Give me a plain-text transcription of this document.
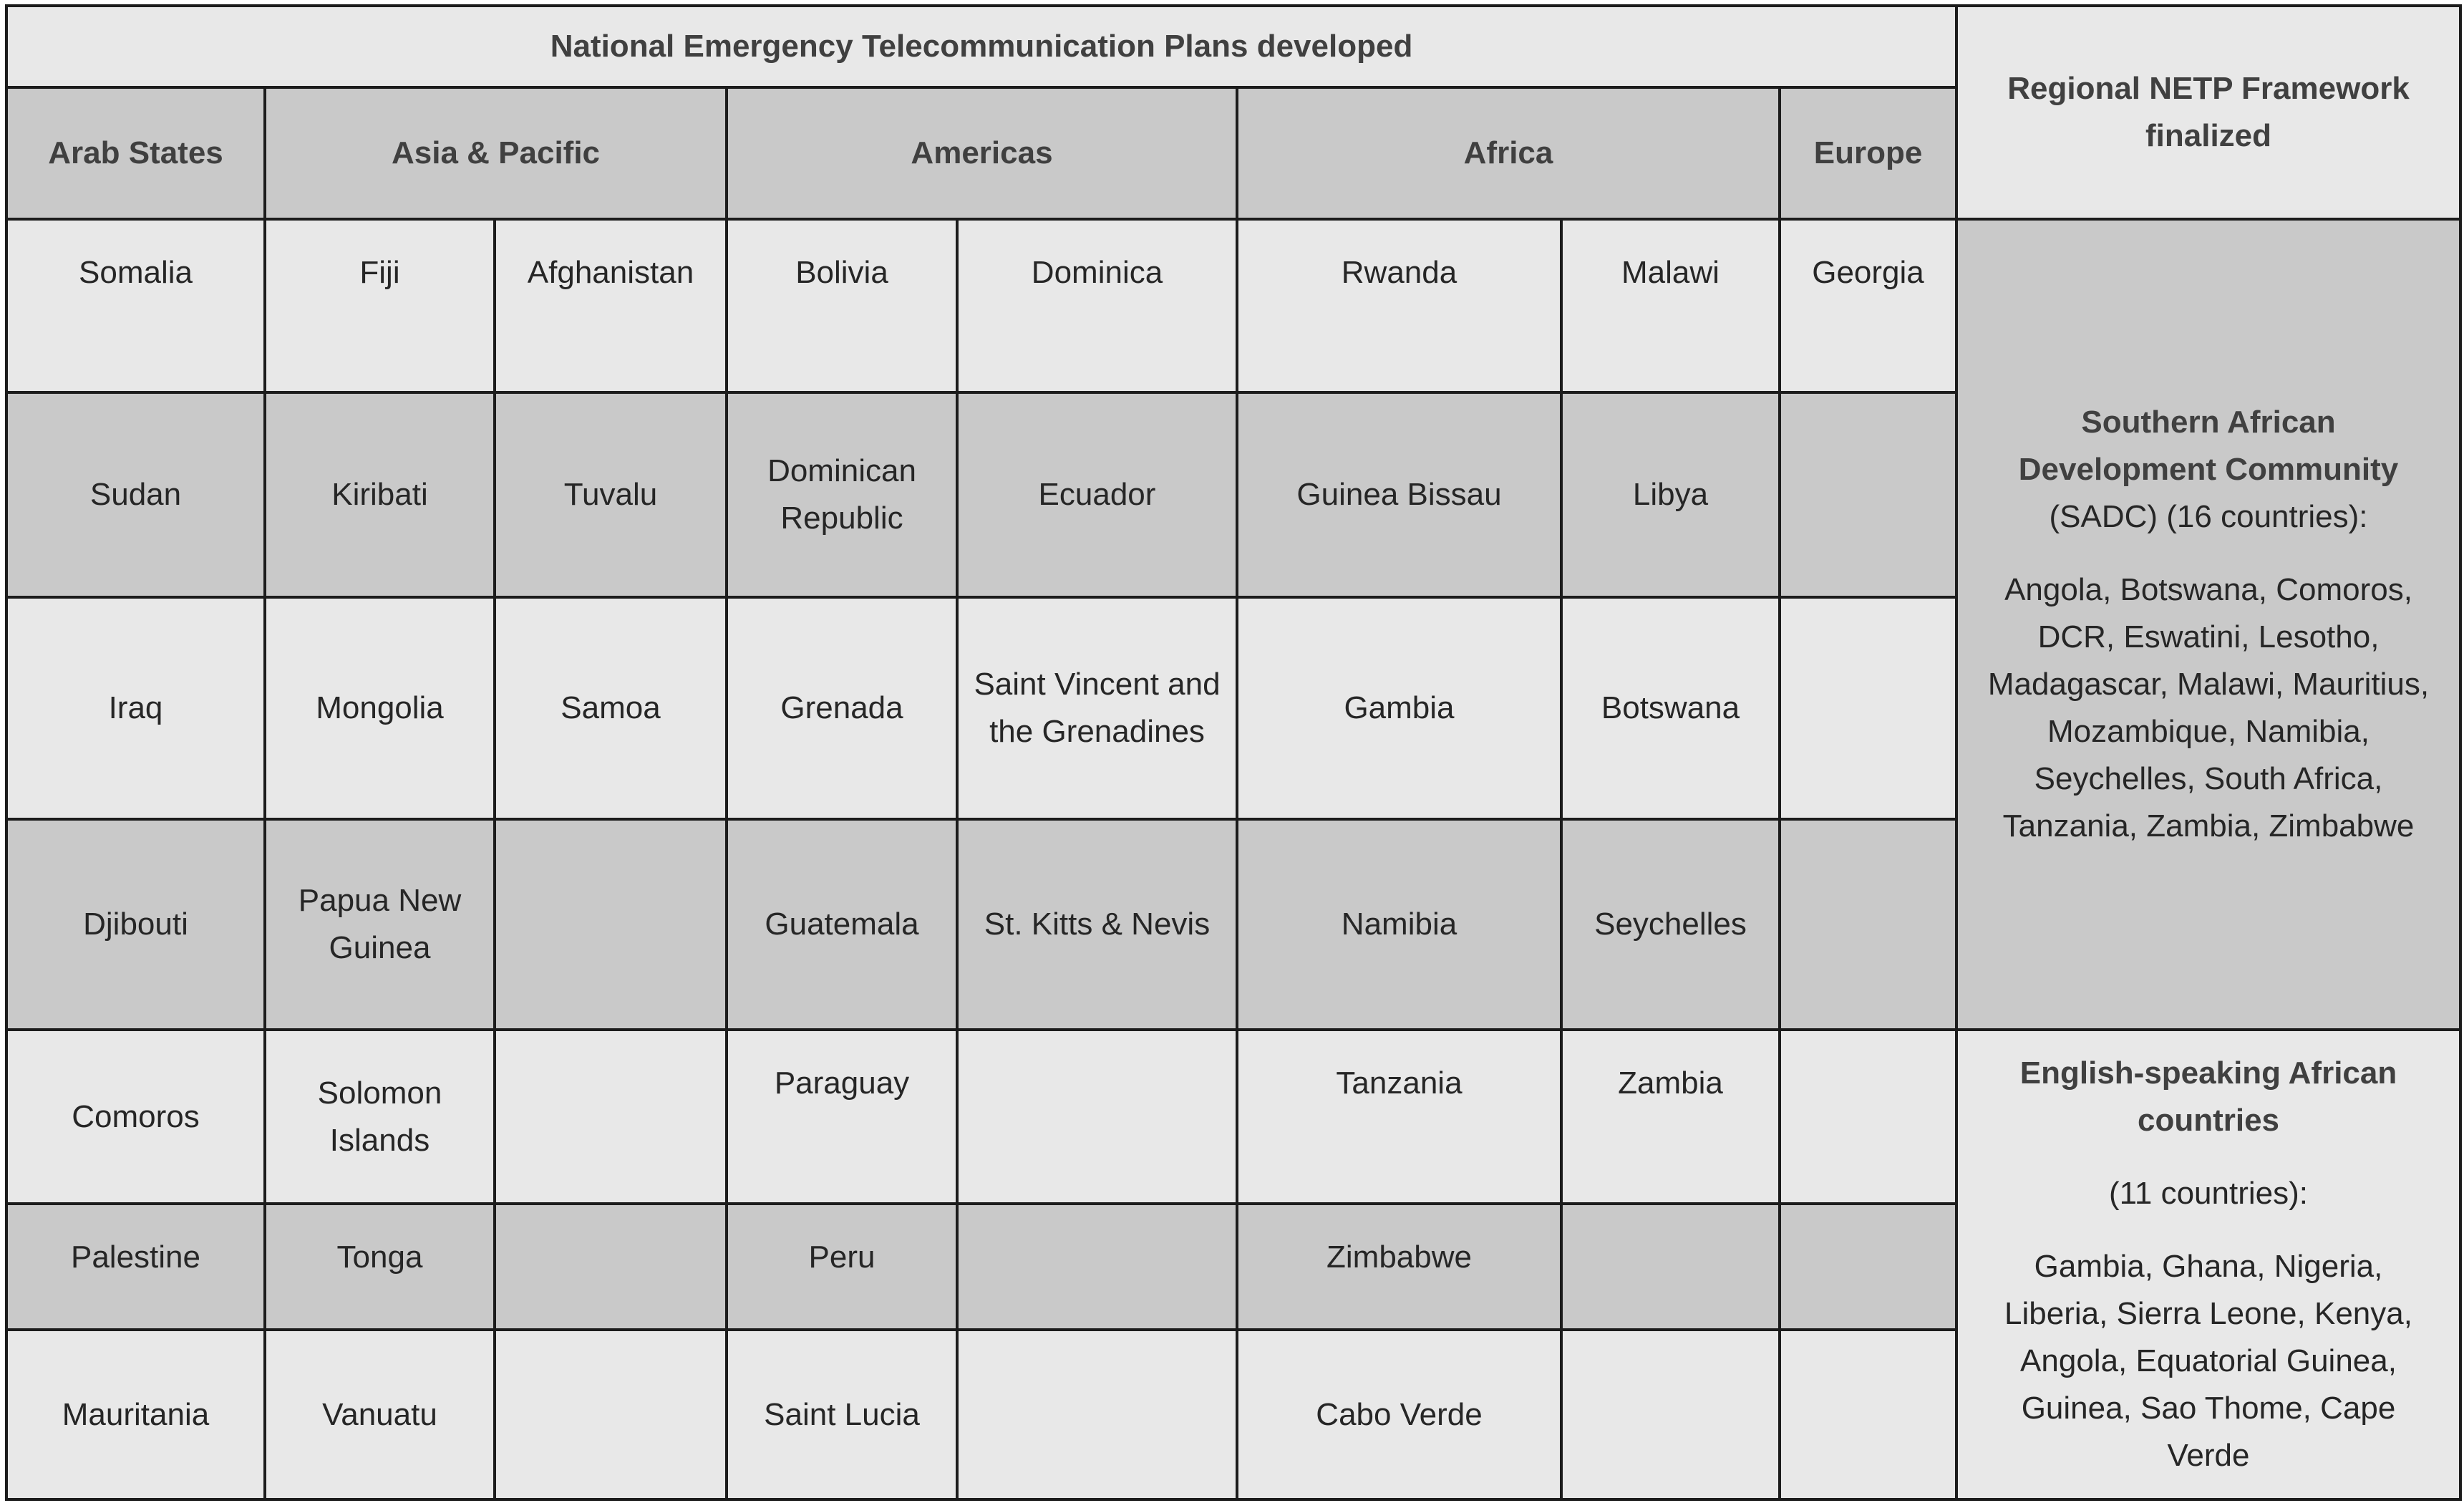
National Emergency Telecommunication Plans developed								Regional NETP Framework finalized
Arab States	Asia & Pacific		Americas		Africa		Europe	
Somalia	Fiji	Afghanistan	Bolivia	Dominica	Rwanda	Malawi	Georgia	Southern African Development Community

(SADC) (16 countries):

Angola, Botswana, Comoros, DCR, Eswatini, Lesotho, Madagascar, Malawi, Mauritius, Mozambique, Namibia, Seychelles, South Africa, Tanzania, Zambia, Zimbabwe

Sudan	Kiribati	Tuvalu	Dominican Republic	Ecuador	Guinea Bissau	Libya		
Iraq	Mongolia	Samoa	Grenada	Saint Vincent and the Grenadines	Gambia	Botswana		
Djibouti	Papua New Guinea		Guatemala	St. Kitts & Nevis	Namibia	Seychelles		
Comoros	Solomon Islands		Paraguay		Tanzania	Zambia		English-speaking African countries

(11 countries):

Gambia, Ghana, Nigeria, Liberia, Sierra Leone, Kenya, Angola, Equatorial Guinea, Guinea, Sao Thome, Cape Verde

Palestine	Tonga		Peru		Zimbabwe			
Mauritania	Vanuatu		Saint Lucia		Cabo Verde			
